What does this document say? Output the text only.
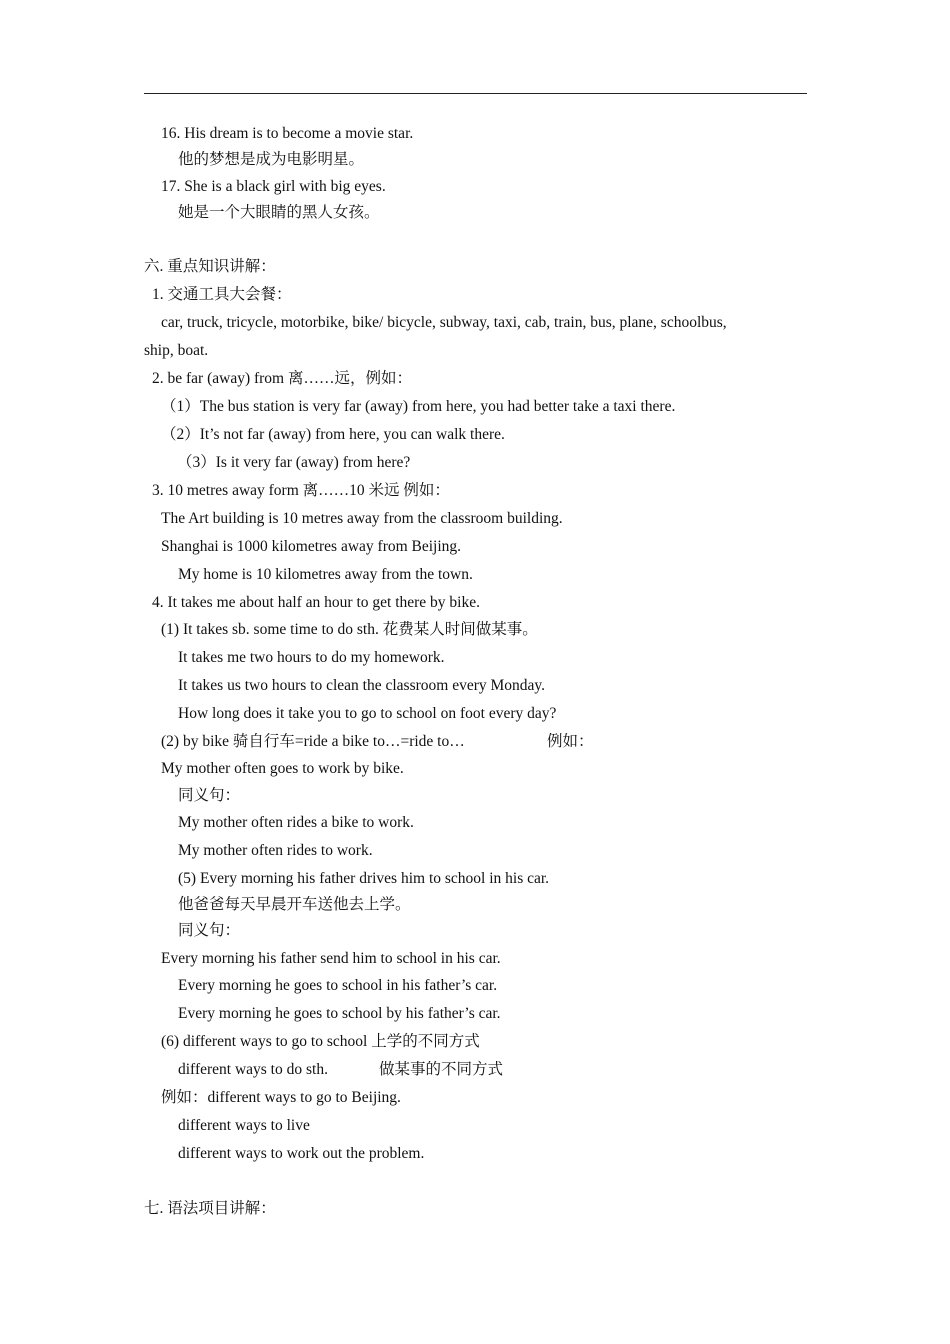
16. His dream is to become a movie star.
他的梦想是成为电影明星。
17. She is a black girl with big eyes.
她是一个大眼睛的黑人女孩。
六. 重点知识讲解：
1. 交通工具大会餐：
car, truck, tricycle, motorbike, bike/ bicycle, subway, taxi, cab, train, bus, plane, schoolbus,
ship, boat.
2. be far (away) from 离……远，例如：
（1）The bus station is very far (away) from here, you had better take a taxi there.
（2）It’s not far (away) from here, you can walk there.
（3）Is it very far (away) from here?
3. 10 metres away form 离……10 米远 例如：
The Art building is 10 metres away from the classroom building.
Shanghai is 1000 kilometres away from Beijing.
My home is 10 kilometres away from the town.
4. It takes me about half an hour to get there by bike.
(1) It takes sb. some time to do sth. 花费某人时间做某事。
It takes me two hours to do my homework.
It takes us two hours to clean the classroom every Monday.
How long does it take you to go to school on foot every day?
(2) by bike 骑自行车=ride a bike to…=ride to…	例如：
My mother often goes to work by bike.
同义句：
My mother often rides a bike to work.
My mother often rides to work.
(5) Every morning his father drives him to school in his car.
他爸爸每天早晨开车送他去上学。
同义句：
Every morning his father send him to school in his car.
Every morning he goes to school in his father’s car.
Every morning he goes to school by his father’s car.
(6) different ways to go to school 上学的不同方式
different ways to do sth.	做某事的不同方式
例如：different ways to go to Beijing.
different ways to live
different ways to work out the problem.
七. 语法项目讲解：
